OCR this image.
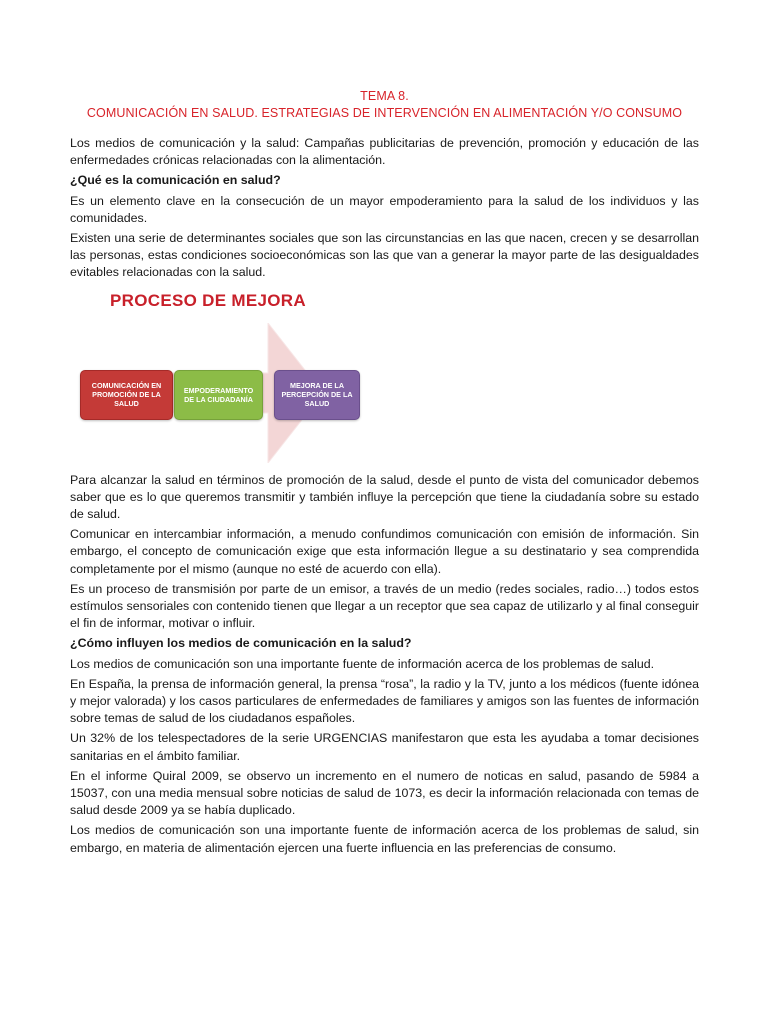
TEMA 8.
COMUNICACIÓN EN SALUD. ESTRATEGIAS DE INTERVENCIÓN EN ALIMENTACIÓN Y/O CONSUMO

Los medios de comunicación y la salud: Campañas publicitarias de prevención, promoción y educación de las enfermedades crónicas relacionadas con la alimentación.

¿Qué es la comunicación en salud?

Es un elemento clave en la consecución de un mayor empoderamiento para la salud de los individuos y las comunidades.

Existen una serie de determinantes sociales que son las circunstancias en las que nacen, crecen y se desarrollan las personas, estas condiciones socioeconómicas son las que van a generar la mayor parte de las desigualdades evitables relacionadas con la salud.

PROCESO DE MEJORA
COMUNICACIÓN EN PROMOCIÓN DE LA SALUD
EMPODERAMIENTO DE LA CIUDADANÍA
MEJORA DE LA PERCEPCIÓN DE LA SALUD

Para alcanzar la salud en términos de promoción de la salud, desde el punto de vista del comunicador debemos saber que es lo que queremos transmitir y también influye la percepción que tiene la ciudadanía sobre su estado de salud.

Comunicar en intercambiar información, a menudo confundimos comunicación con emisión de información. Sin embargo, el concepto de comunicación exige que esta información llegue a su destinatario y sea comprendida completamente por el mismo (aunque no esté de acuerdo con ella).

Es un proceso de transmisión por parte de un emisor, a través de un medio (redes sociales, radio…) todos estos estímulos sensoriales con contenido tienen que llegar a un receptor que sea capaz de utilizarlo y al final conseguir el fin de informar, motivar o influir.

¿Cómo influyen los medios de comunicación en la salud?

Los medios de comunicación son una importante fuente de información acerca de los problemas de salud.

En España, la prensa de información general, la prensa “rosa”, la radio y la TV, junto a los médicos (fuente idónea y mejor valorada) y los casos particulares de enfermedades de familiares y amigos son las fuentes de información sobre temas de salud de los ciudadanos españoles.

Un 32% de los telespectadores de la serie URGENCIAS manifestaron que esta les ayudaba a tomar decisiones sanitarias en el ámbito familiar.

En el informe Quiral 2009, se observo un incremento en el numero de noticas en salud, pasando de 5984 a 15037, con una media mensual sobre noticias de salud de 1073, es decir la información relacionada con temas de salud desde 2009 ya se había duplicado.

Los medios de comunicación son una importante fuente de información acerca de los problemas de salud, sin embargo, en materia de alimentación ejercen una fuerte influencia en las preferencias de consumo.
